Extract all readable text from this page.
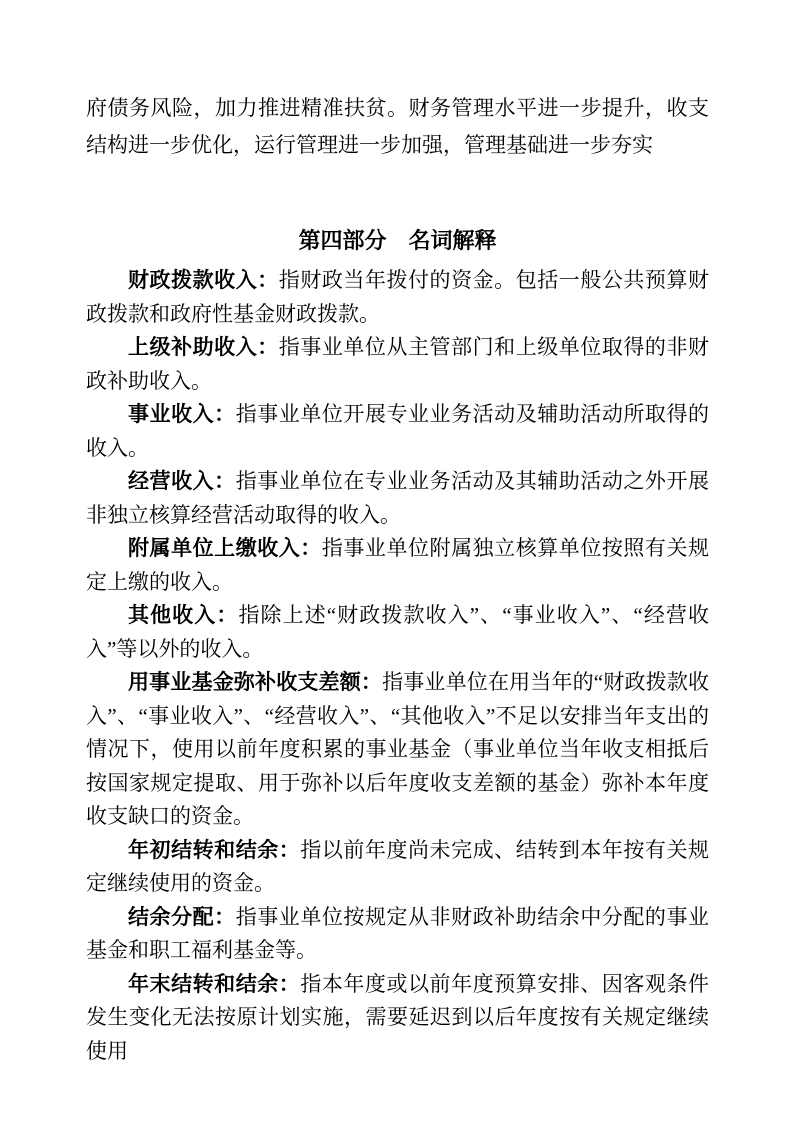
府债务风险，加力推进精准扶贫。财务管理水平进一步提升，收支结构进一步优化，运行管理进一步加强，管理基础进一步夯实

第四部分　名词解释

财政拨款收入：指财政当年拨付的资金。包括一般公共预算财政拨款和政府性基金财政拨款。

上级补助收入：指事业单位从主管部门和上级单位取得的非财政补助收入。

事业收入：指事业单位开展专业业务活动及辅助活动所取得的收入。

经营收入：指事业单位在专业业务活动及其辅助活动之外开展非独立核算经营活动取得的收入。

附属单位上缴收入：指事业单位附属独立核算单位按照有关规定上缴的收入。

其他收入：指除上述“财政拨款收入”、“事业收入”、“经营收入”等以外的收入。

用事业基金弥补收支差额：指事业单位在用当年的“财政拨款收入”、“事业收入”、“经营收入”、“其他收入”不足以安排当年支出的情况下，使用以前年度积累的事业基金（事业单位当年收支相抵后按国家规定提取、用于弥补以后年度收支差额的基金）弥补本年度收支缺口的资金。

年初结转和结余：指以前年度尚未完成、结转到本年按有关规定继续使用的资金。

结余分配：指事业单位按规定从非财政补助结余中分配的事业基金和职工福利基金等。

年末结转和结余：指本年度或以前年度预算安排、因客观条件发生变化无法按原计划实施，需要延迟到以后年度按有关规定继续使用
